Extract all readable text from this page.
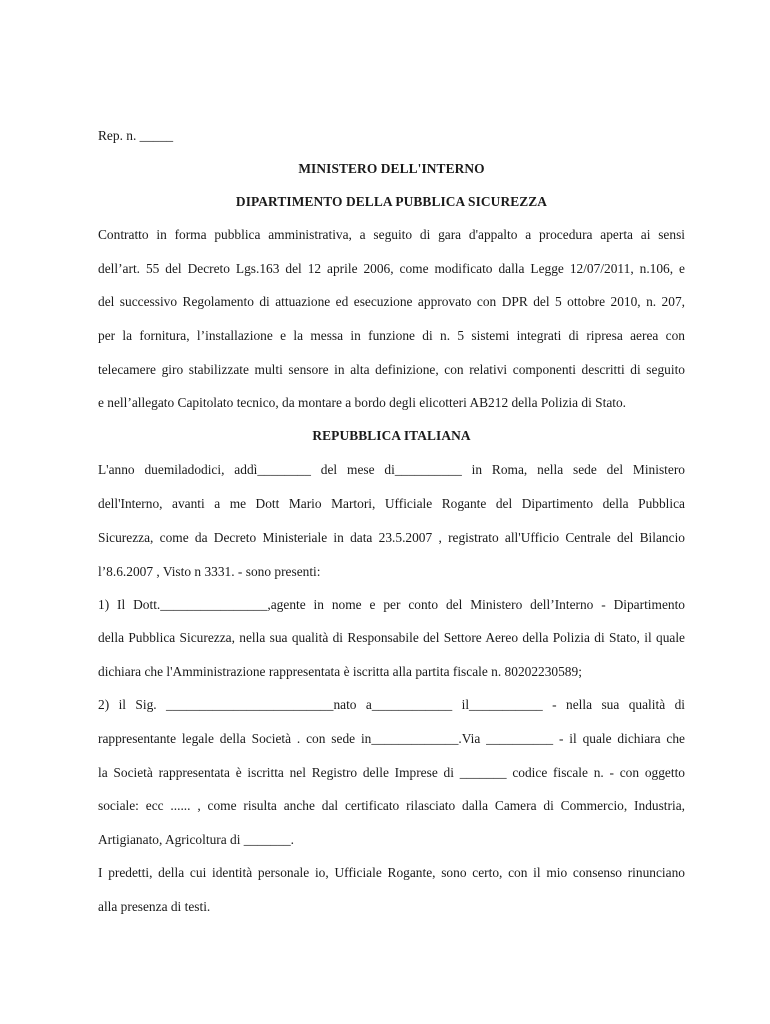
Rep. n. _____
MINISTERO DELL'INTERNO
DIPARTIMENTO DELLA PUBBLICA SICUREZZA
Contratto in forma pubblica amministrativa, a seguito di gara d'appalto a procedura aperta ai sensi
dell’art. 55 del Decreto Lgs.163 del 12 aprile 2006, come modificato dalla Legge 12/07/2011, n.106, e
del successivo Regolamento di attuazione ed esecuzione approvato con DPR del 5 ottobre 2010, n. 207,
per la fornitura, l’installazione e la messa in funzione di n. 5 sistemi integrati di ripresa aerea con
telecamere giro stabilizzate multi sensore in alta definizione, con relativi componenti descritti di seguito
e nell’allegato Capitolato tecnico, da montare a bordo degli elicotteri AB212 della Polizia di Stato.
REPUBBLICA ITALIANA
L'anno duemiladodici, addì________ del mese di__________ in Roma, nella sede del Ministero
dell'Interno, avanti a me Dott Mario Martori, Ufficiale Rogante del Dipartimento della Pubblica
Sicurezza, come da Decreto Ministeriale in data 23.5.2007 , registrato all'Ufficio Centrale del Bilancio
l’8.6.2007 , Visto n 3331. - sono presenti:
1) Il Dott.________________,agente in nome e per conto del Ministero dell’Interno - Dipartimento
della Pubblica Sicurezza, nella sua qualità di Responsabile del Settore Aereo della Polizia di Stato, il quale
dichiara che l'Amministrazione rappresentata è iscritta alla partita fiscale n. 80202230589;
2) il Sig. _________________________nato a____________ il___________ - nella sua qualità di
rappresentante legale della Società . con sede in_____________.Via __________ - il quale dichiara che
la Società rappresentata è iscritta nel Registro delle Imprese di _______ codice fiscale n. - con oggetto
sociale: ecc ...... , come risulta anche dal certificato rilasciato dalla Camera di Commercio, Industria,
Artigianato, Agricoltura di _______.
I predetti, della cui identità personale io, Ufficiale Rogante, sono certo, con il mio consenso rinunciano
alla presenza di testi.
